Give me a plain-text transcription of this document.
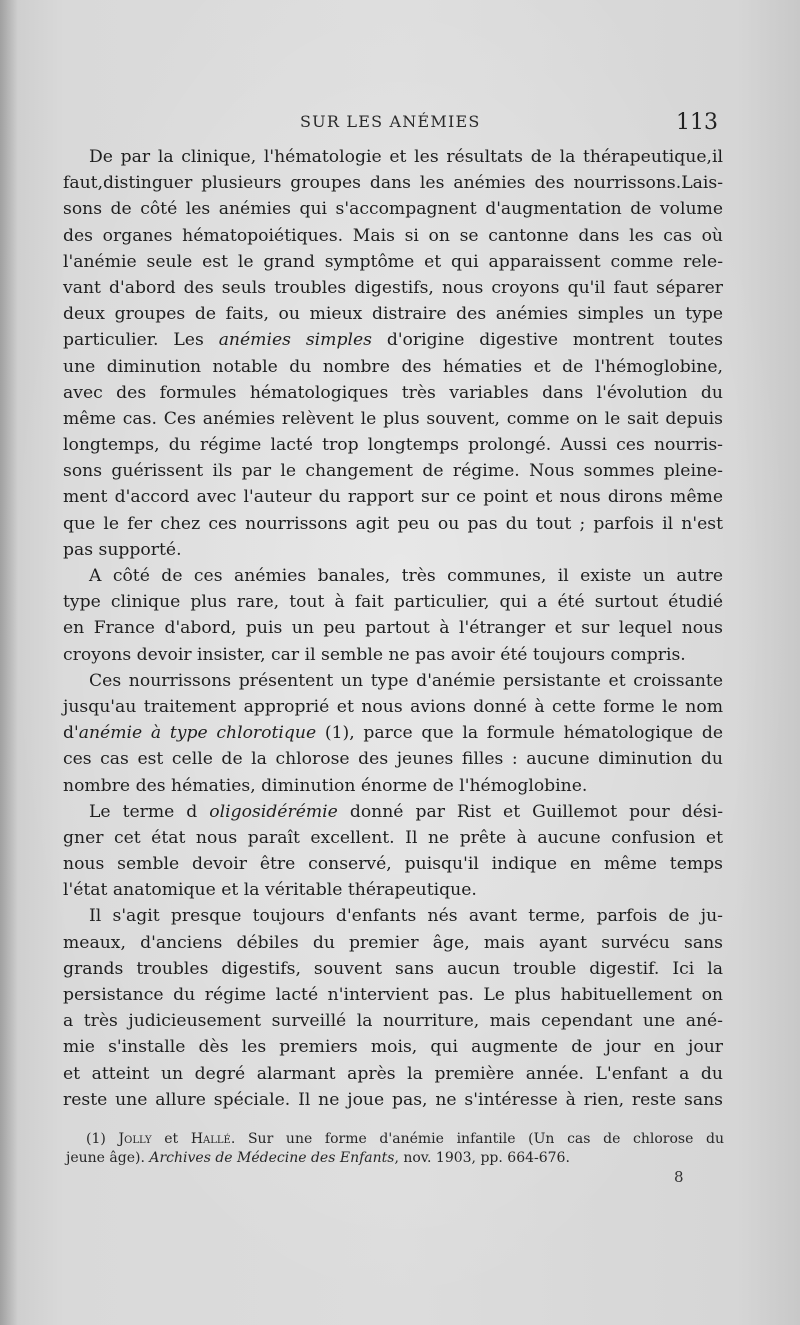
SUR LES ANÉMIES	113
De par la clinique, l'hématologie et les résultats de la thérapeutique,il
faut,distinguer plusieurs groupes dans les anémies des nourrissons.Lais-
sons de côté les anémies qui s'accompagnent d'augmentation de volume
des organes hématopoiétiques. Mais si on se cantonne dans les cas où
l'anémie seule est le grand symptôme et qui apparaissent comme rele-
vant d'abord des seuls troubles digestifs, nous croyons qu'il faut séparer
deux groupes de faits, ou mieux distraire des anémies simples un type
particulier. Les anémies simples d'origine digestive montrent toutes
une diminution notable du nombre des hématies et de l'hémoglobine,
avec des formules hématologiques très variables dans l'évolution du
même cas. Ces anémies relèvent le plus souvent, comme on le sait depuis
longtemps, du régime lacté trop longtemps prolongé. Aussi ces nourris-
sons guérissent ils par le changement de régime. Nous sommes pleine-
ment d'accord avec l'auteur du rapport sur ce point et nous dirons même
que le fer chez ces nourrissons agit peu ou pas du tout ; parfois il n'est
pas supporté.
A côté de ces anémies banales, très communes, il existe un autre
type clinique plus rare, tout à fait particulier, qui a été surtout étudié
en France d'abord, puis un peu partout à l'étranger et sur lequel nous
croyons devoir insister, car il semble ne pas avoir été toujours compris.
Ces nourrissons présentent un type d'anémie persistante et croissante
jusqu'au traitement approprié et nous avions donné à cette forme le nom
d'anémie à type chlorotique (1), parce que la formule hématologique de
ces cas est celle de la chlorose des jeunes filles : aucune diminution du
nombre des hématies, diminution énorme de l'hémoglobine.
Le terme d oligosidérémie donné par Rist et Guillemot pour dési-
gner cet état nous paraît excellent. Il ne prête à aucune confusion et
nous semble devoir être conservé, puisqu'il indique en même temps
l'état anatomique et la véritable thérapeutique.
Il s'agit presque toujours d'enfants nés avant terme, parfois de ju-
meaux, d'anciens débiles du premier âge, mais ayant survécu sans
grands troubles digestifs, souvent sans aucun trouble digestif. Ici la
persistance du régime lacté n'intervient pas. Le plus habituellement on
a très judicieusement surveillé la nourriture, mais cependant une ané-
mie s'installe dès les premiers mois, qui augmente de jour en jour
et atteint un degré alarmant après la première année. L'enfant a du
reste une allure spéciale. Il ne joue pas, ne s'intéresse à rien, reste sans
(1) Jolly et Hallé. Sur une forme d'anémie infantile (Un cas de chlorose du
jeune âge). Archives de Médecine des Enfants, nov. 1903, pp. 664-676.
8
